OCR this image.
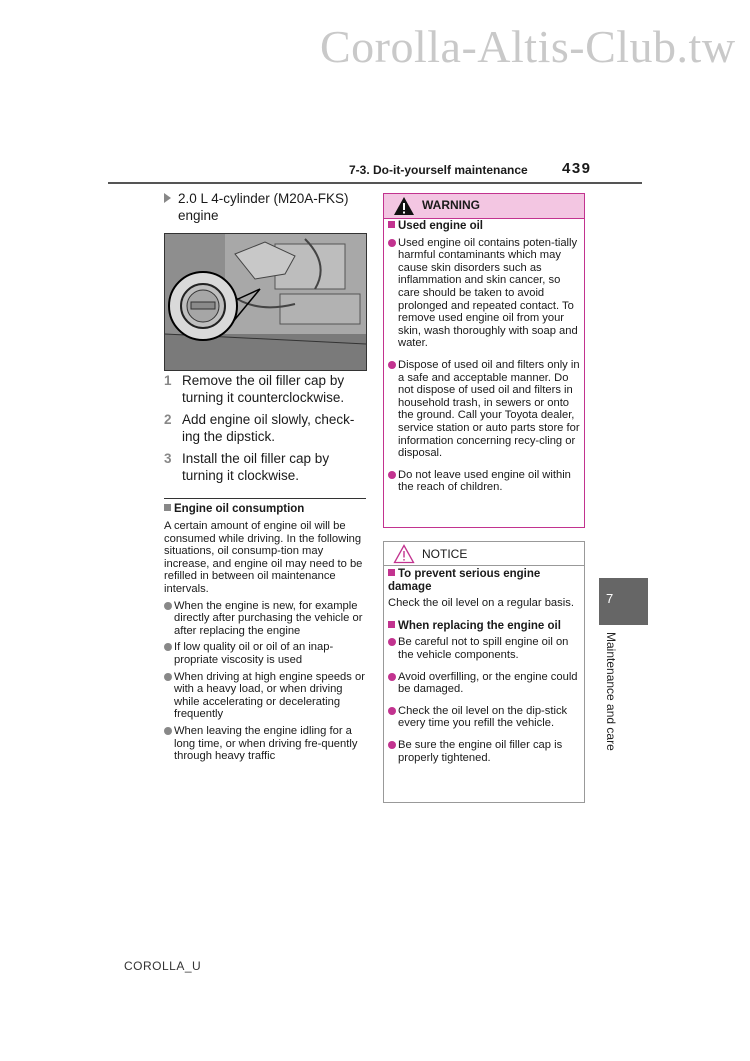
Corolla-Altis-Club.tw
7-3. Do-it-yourself maintenance 439
2.0 L 4-cylinder (M20A-FKS) engine
1 Remove the oil filler cap by turning it counterclockwise.
2 Add engine oil slowly, check-ing the dipstick.
3 Install the oil filler cap by turning it clockwise.
Engine oil consumption
A certain amount of engine oil will be consumed while driving. In the following situations, oil consump-tion may increase, and engine oil may need to be refilled in between oil maintenance intervals.
When the engine is new, for example directly after purchasing the vehicle or after replacing the engine
If low quality oil or oil of an inap-propriate viscosity is used
When driving at high engine speeds or with a heavy load, or when driving while accelerating or decelerating frequently
When leaving the engine idling for a long time, or when driving fre-quently through heavy traffic
WARNING
Used engine oil
Used engine oil contains poten-tially harmful contaminants which may cause skin disorders such as inflammation and skin cancer, so care should be taken to avoid prolonged and repeated contact. To remove used engine oil from your skin, wash thoroughly with soap and water.
Dispose of used oil and filters only in a safe and acceptable manner. Do not dispose of used oil and filters in household trash, in sewers or onto the ground. Call your Toyota dealer, service station or auto parts store for information concerning recy-cling or disposal.
Do not leave used engine oil within the reach of children.
NOTICE
To prevent serious engine damage
Check the oil level on a regular basis.
When replacing the engine oil
Be careful not to spill engine oil on the vehicle components.
Avoid overfilling, or the engine could be damaged.
Check the oil level on the dip-stick every time you refill the vehicle.
Be sure the engine oil filler cap is properly tightened.
7
Maintenance and care
COROLLA_U
